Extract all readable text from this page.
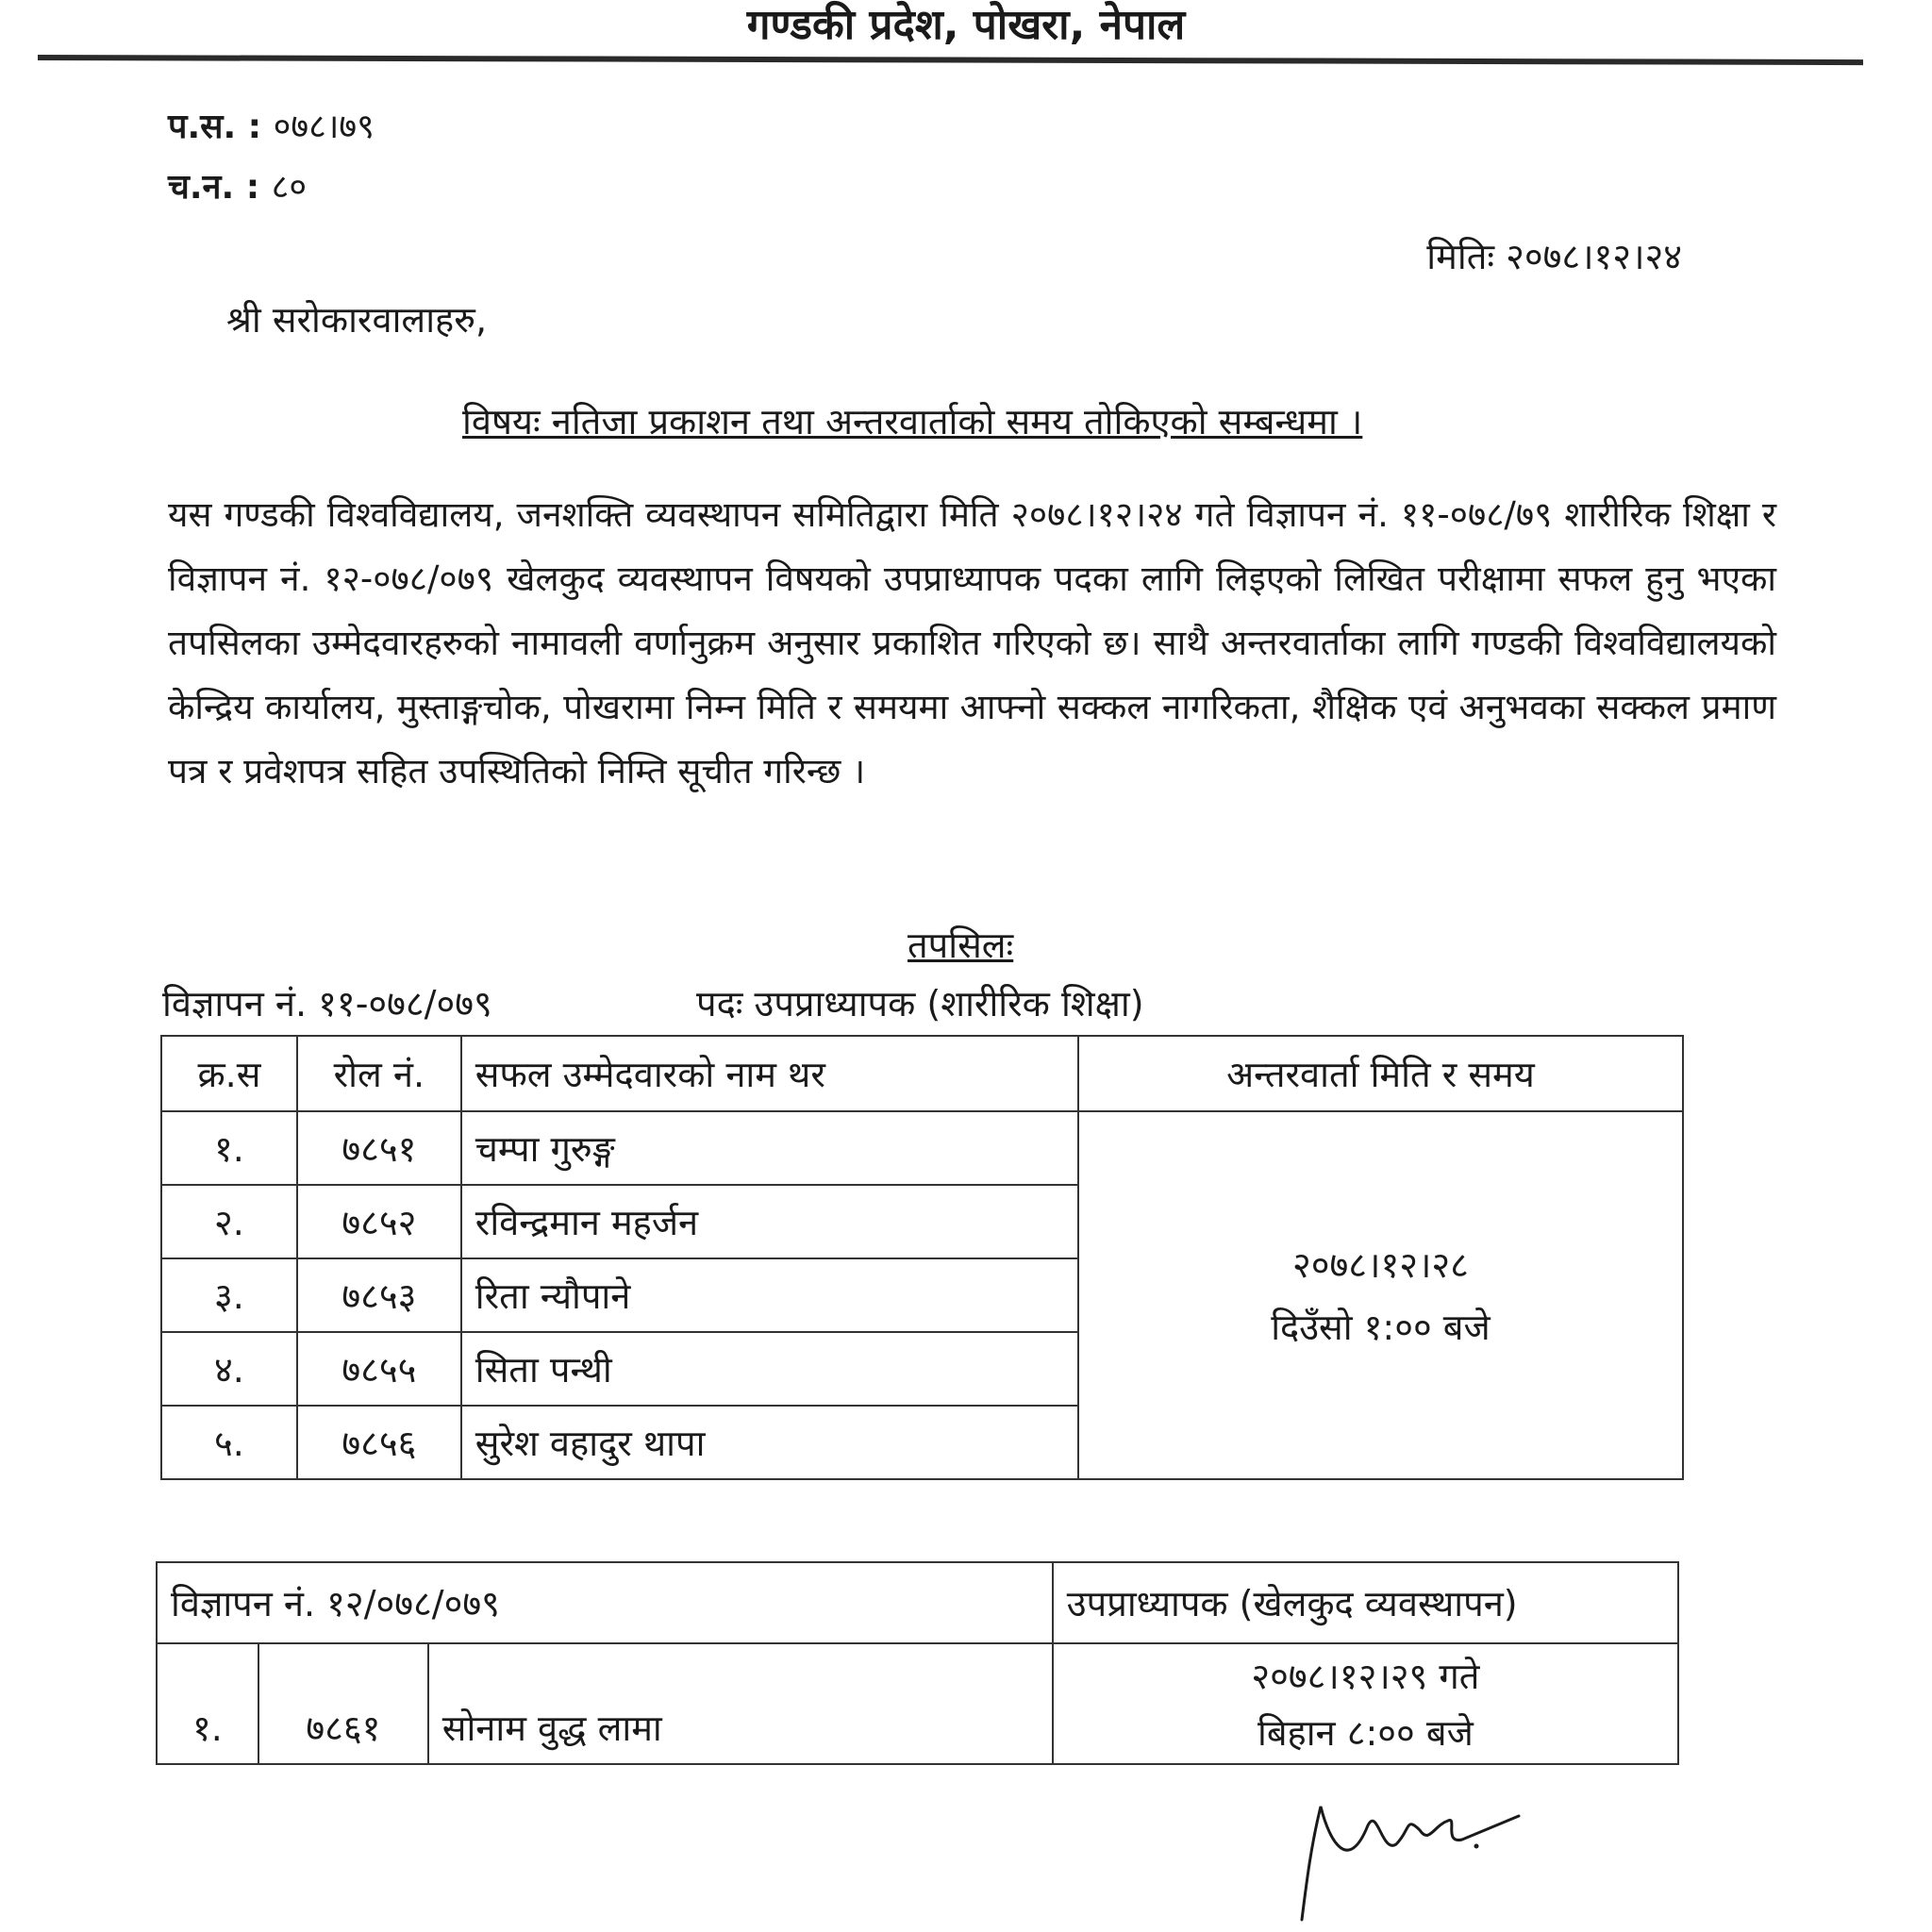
गण्डकी प्रदेश, पोखरा, नेपाल
प.स. : ०७८।७९
च.न. : ८०
मितिः २०७८।१२।२४
श्री सरोकारवालाहरु,
विषयः नतिजा प्रकाशन तथा अन्तरवार्ताको समय तोकिएको सम्बन्धमा ।
यस गण्डकी विश्वविद्यालय, जनशक्ति व्यवस्थापन समितिद्वारा मिति २०७८।१२।२४ गते विज्ञापन नं. ११-०७८/७९ शारीरिक शिक्षा र विज्ञापन नं. १२-०७८/०७९ खेलकुद व्यवस्थापन विषयको उपप्राध्यापक पदका लागि लिइएको लिखित परीक्षामा सफल हुनु भएका तपसिलका उम्मेदवारहरुको नामावली वर्णानुक्रम अनुसार प्रकाशित गरिएको छ। साथै अन्तरवार्ताका लागि गण्डकी विश्वविद्यालयको केन्द्रिय कार्यालय, मुस्ताङ्गचोक, पोखरामा निम्न मिति र समयमा आफ्नो सक्कल नागरिकता, शैक्षिक एवं अनुभवका सक्कल प्रमाण पत्र र प्रवेशपत्र सहित उपस्थितिको निम्ति सूचीत गरिन्छ ।
तपसिलः
विज्ञापन नं. ११-०७८/०७९	पदः उपप्राध्यापक (शारीरिक शिक्षा)
क्र.स	रोल नं.	सफल उम्मेदवारको नाम थर	अन्तरवार्ता मिति र समय
१.	७८५१	चम्पा गुरुङ्ग	२०७८।१२।२८
दिउँसो १:०० बजे

२.	७८५२	रविन्द्रमान महर्जन	
३.	७८५३	रिता न्यौपाने	
४.	७८५५	सिता पन्थी	
५.	७८५६	सुरेश वहादुर थापा	
विज्ञापन नं. १२/०७८/०७९			उपप्राध्यापक (खेलकुद व्यवस्थापन)
१.	७८६१	सोनाम वुद्ध लामा	२०७८।१२।२९ गते
बिहान ८:०० बजे
